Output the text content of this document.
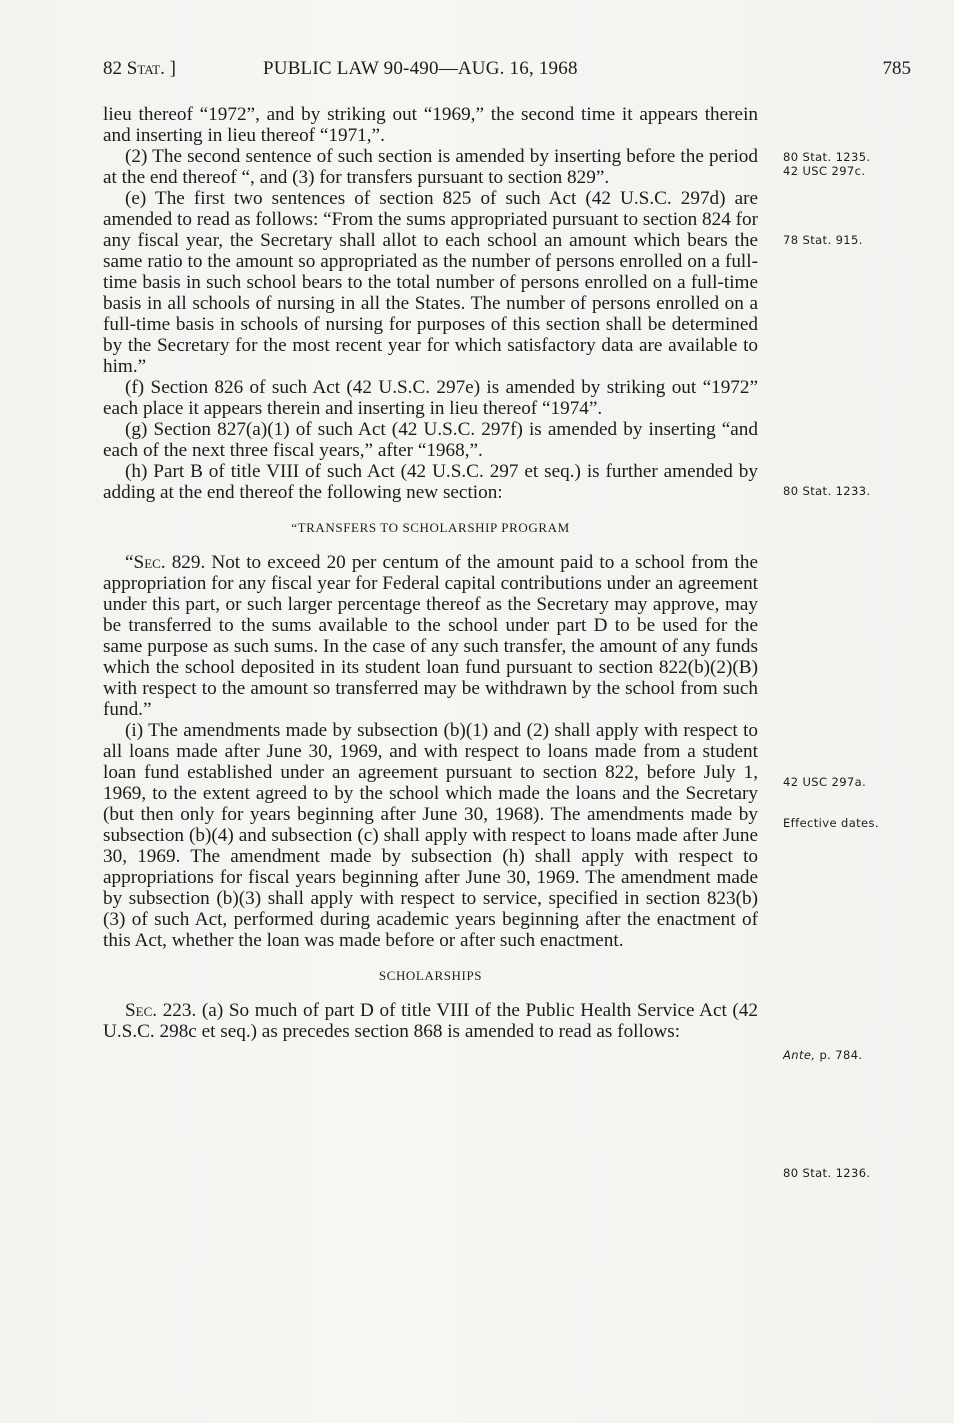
82 Stat. ]	PUBLIC LAW 90-490—AUG. 16, 1968	785

lieu thereof “1972”, and by striking out “1969,” the second time it appears therein and inserting in lieu thereof “1971,”.

(2) The second sentence of such section is amended by inserting before the period at the end thereof “, and (3) for transfers pursuant to section 829”.

(e) The first two sentences of section 825 of such Act (42 U.S.C. 297d) are amended to read as follows: “From the sums appropriated pursuant to section 824 for any fiscal year, the Secretary shall allot to each school an amount which bears the same ratio to the amount so appropriated as the number of persons enrolled on a full-time basis in such school bears to the total number of persons enrolled on a full-time basis in all schools of nursing in all the States. The number of persons enrolled on a full-time basis in schools of nursing for purposes of this section shall be determined by the Secretary for the most recent year for which satisfactory data are available to him.”

(f) Section 826 of such Act (42 U.S.C. 297e) is amended by striking out “1972” each place it appears therein and inserting in lieu thereof “1974”.

(g) Section 827(a)(1) of such Act (42 U.S.C. 297f) is amended by inserting “and each of the next three fiscal years,” after “1968,”.

(h) Part B of title VIII of such Act (42 U.S.C. 297 et seq.) is further amended by adding at the end thereof the following new section:

“TRANSFERS TO SCHOLARSHIP PROGRAM

“Sec. 829. Not to exceed 20 per centum of the amount paid to a school from the appropriation for any fiscal year for Federal capital contributions under an agreement under this part, or such larger percentage thereof as the Secretary may approve, may be transferred to the sums available to the school under part D to be used for the same purpose as such sums. In the case of any such transfer, the amount of any funds which the school deposited in its student loan fund pursuant to section 822(b)(2)(B) with respect to the amount so transferred may be withdrawn by the school from such fund.”

(i) The amendments made by subsection (b)(1) and (2) shall apply with respect to all loans made after June 30, 1969, and with respect to loans made from a student loan fund established under an agreement pursuant to section 822, before July 1, 1969, to the extent agreed to by the school which made the loans and the Secretary (but then only for years beginning after June 30, 1968). The amendments made by subsection (b)(4) and subsection (c) shall apply with respect to loans made after June 30, 1969. The amendment made by subsection (h) shall apply with respect to appropriations for fiscal years beginning after June 30, 1969. The amendment made by subsection (b)(3) shall apply with respect to service, specified in section 823(b)(3) of such Act, performed during academic years beginning after the enactment of this Act, whether the loan was made before or after such enactment.

SCHOLARSHIPS

Sec. 223. (a) So much of part D of title VIII of the Public Health Service Act (42 U.S.C. 298c et seq.) as precedes section 868 is amended to read as follows:

80 Stat. 1235.
42 USC 297c.
78 Stat. 915.
80 Stat. 1233.
42 USC 297a.
Effective dates.
Ante, p. 784.
80 Stat. 1236.
